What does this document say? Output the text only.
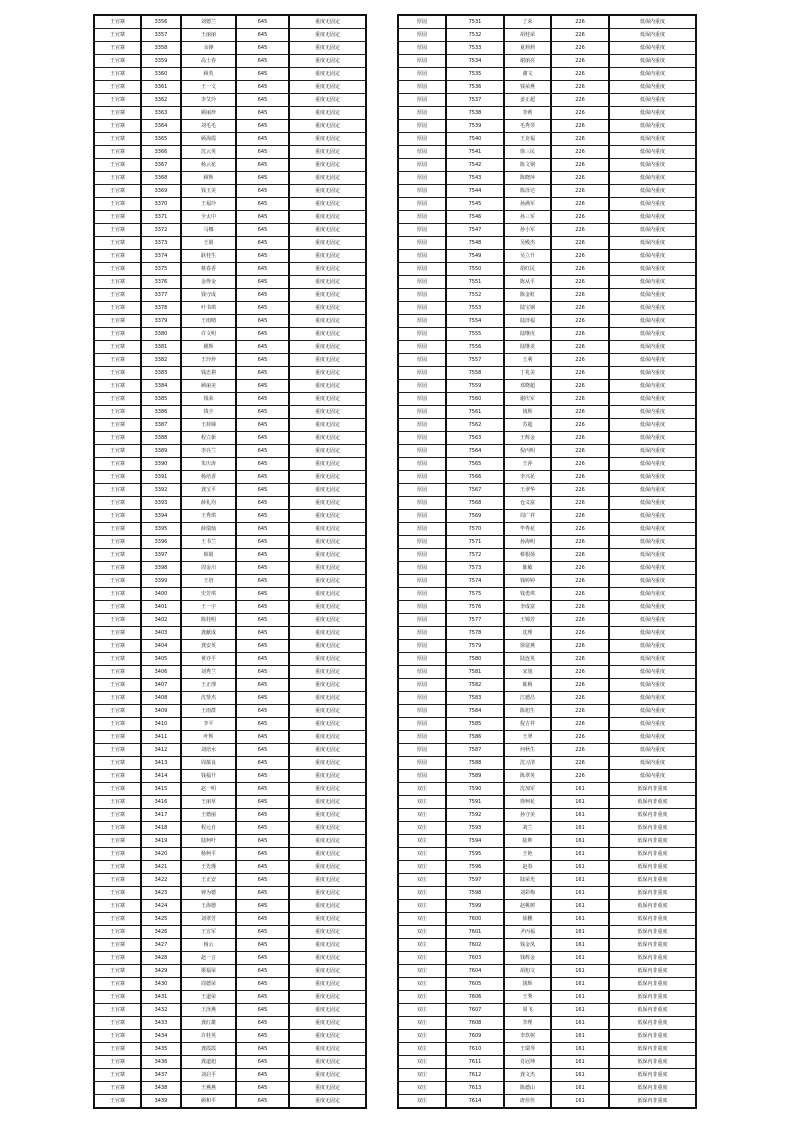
王官寨	3356	刘德兰	645	重度无固定
王官寨	3357	王丽丽	645	重度无固定
王官寨	3358	余锋	645	重度无固定
王官寨	3359	高士春	645	重度无固定
王官寨	3360	顾英	645	重度无固定
王官寨	3361	王一文	645	重度无固定
王官寨	3362	李艾玲	645	重度无固定
王官寨	3363	顾丽珍	645	重度无固定
王官寨	3364	刘毛毛	645	重度无固定
王官寨	3365	顾海霞	645	重度无固定
王官寨	3366	沈云英	645	重度无固定
王官寨	3367	杨云花	645	重度无固定
王官寨	3368	顾辉	645	重度无固定
王官寨	3369	钱玉美	645	重度无固定
王官寨	3370	王福玲	645	重度无固定
王官寨	3371	全太中	645	重度无固定
王官寨	3372	马娜	645	重度无固定
王官寨	3373	王娟	645	重度无固定
王官寨	3374	耿桂生	645	重度无固定
王官寨	3375	蔡春香	645	重度无固定
王官寨	3376	金得金	645	重度无固定
王官寨	3377	钱守成	645	重度无固定
王官寨	3378	叶书琪	645	重度无固定
王官寨	3379	王雨晴	645	重度无固定
王官寨	3380	许文明	645	重度无固定
王官寨	3381	姚辉	645	重度无固定
王官寨	3382	王玲珍	645	重度无固定
王官寨	3383	钱忠祺	645	重度无固定
王官寨	3384	顾丽美	645	重度无固定
王官寨	3385	钱荣	645	重度无固定
王官寨	3386	钱宇	645	重度无固定
王官寨	3387	王荷娣	645	重度无固定
王官寨	3388	程立新	645	重度无固定
王官寨	3389	李亮兰	645	重度无固定
王官寨	3390	朱庆涛	645	重度无固定
王官寨	3391	杨培香	645	重度无固定
王官寨	3392	龚宝平	645	重度无固定
王官寨	3393	薛礼均	645	重度无固定
王官寨	3394	王秀琪	645	重度无固定
王官寨	3395	薛瑞灿	645	重度无固定
王官寨	3396	王书兰	645	重度无固定
王官寨	3397	韩娟	645	重度无固定
王官寨	3398	周金川	645	重度无固定
王官寨	3399	王培	645	重度无固定
王官寨	3400	史芳琪	645	重度无固定
王官寨	3401	王一宇	645	重度无固定
王官寨	3402	陈桂明	645	重度无固定
王官寨	3403	龚献成	645	重度无固定
王官寨	3404	龚安英	645	重度无固定
王官寨	3405	黄亦平	645	重度无固定
王官寨	3406	刘秀兰	645	重度无固定
王官寨	3407	王正理	645	重度无固定
王官寨	3408	沈帮杰	645	重度无固定
王官寨	3409	王雨群	645	重度无固定
王官寨	3410	李平	645	重度无固定
王官寨	3411	叶辉	645	重度无固定
王官寨	3412	刘培水	645	重度无固定
王官寨	3413	周葆良	645	重度无固定
王官寨	3414	钱福升	645	重度无固定
王官寨	3415	赵一明	645	重度无固定
王官寨	3416	王丽草	645	重度无固定
王官寨	3417	王德丽	645	重度无固定
王官寨	3418	程元自	645	重度无固定
王官寨	3419	陆柯叶	645	重度无固定
王官寨	3420	杨柯平	645	重度无固定
王官寨	3421	王先瑾	645	重度无固定
王官寨	3422	王正安	645	重度无固定
王官寨	3423	钟为德	645	重度无固定
王官寨	3424	王海德	645	重度无固定
王官寨	3425	刘翠芳	645	重度无固定
王官寨	3426	王宣军	645	重度无固定
王官寨	3427	杨云	645	重度无固定
王官寨	3428	赵一言	645	重度无固定
王官寨	3429	栗福荣	645	重度无固定
王官寨	3430	周德荣	645	重度无固定
王官寨	3431	王道荣	645	重度无固定
王官寨	3432	王泽燕	645	重度无固定
王官寨	3433	龚红雄	645	重度无固定
王官寨	3434	许桂英	645	重度无固定
王官寨	3435	龚霞霞	645	重度无固定
王官寨	3436	龚道旭	645	重度无固定
王官寨	3437	刘启平	645	重度无固定
王官寨	3438	王燕燕	645	重度无固定
王官寨	3439	顾和平	645	重度无固定
厚园	7531	丁荣	226	低保内重度
厚园	7532	胡桂荣	226	低保内重度
厚园	7533	夏莉莉	226	低保内重度
厚园	7534	谢丽亮	226	低保内重度
厚园	7535	谢文	226	低保内重度
厚园	7536	钱荣燕	226	低保内重度
厚园	7537	姜正超	226	低保内重度
厚园	7538	李莉	226	低保内重度
厚园	7539	毛秀琴	226	低保内重度
厚园	7540	王克福	226	低保内重度
厚园	7541	徐三民	226	低保内重度
厚园	7542	陈文钢	226	低保内重度
厚园	7543	陈晓萍	226	低保内重度
厚园	7544	陈泽达	226	低保内重度
厚园	7545	孙满军	226	低保内重度
厚园	7546	孙三军	226	低保内重度
厚园	7547	孙小军	226	低保内重度
厚园	7548	吴殿杰	226	低保内重度
厚园	7549	吴立升	226	低保内重度
厚园	7550	胡红民	226	低保内重度
厚园	7551	陈从平	226	低保内重度
厚园	7552	陈金虹	226	低保内重度
厚园	7553	陆宝钢	226	低保内重度
厚园	7554	陆泽福	226	低保内重度
厚园	7555	陆继虎	226	低保内重度
厚园	7556	陆继龙	226	低保内重度
厚园	7557	王利	226	低保内重度
厚园	7558	丁兆美	226	低保内重度
厚园	7559	邓晓超	226	低保内重度
厚园	7560	谢庆军	226	低保内重度
厚园	7561	钱辉	226	低保内重度
厚园	7562	苏超	226	低保内重度
厚园	7563	王辉金	226	低保内重度
厚园	7564	倪丙明	226	低保内重度
厚园	7565	王萍	226	低保内重度
厚园	7566	李兴花	226	低保内重度
厚园	7567	王翠华	226	低保内重度
厚园	7568	仓义富	226	低保内重度
厚园	7569	周广祥	226	低保内重度
厚园	7570	毕秀花	226	低保内重度
厚园	7571	孙海明	226	低保内重度
厚园	7572	蔡根扬	226	低保内重度
厚园	7573	陈敏	226	低保内重度
厚园	7574	钱婷婷	226	低保内重度
厚园	7575	钱勇琪	226	低保内重度
厚园	7576	李成富	226	低保内重度
厚园	7577	王锦芳	226	低保内重度
厚园	7578	沈理	226	低保内重度
厚园	7579	徐富燕	226	低保内重度
厚园	7580	陆连英	226	低保内重度
厚园	7581	宋旭	226	低保内重度
厚园	7582	陈梅	226	低保内重度
厚园	7583	江德昌	226	低保内重度
厚园	7584	陈旭生	226	低保内重度
厚园	7585	倪吉祥	226	低保内重度
厚园	7586	王翠	226	低保内重度
厚园	7587	何秋生	226	低保内重度
厚园	7588	沈习清	226	低保内重度
厚园	7589	陈翠英	226	低保内重度
双庄	7590	沈加军	161	低保内非重度
双庄	7591	徐柯花	161	低保内非重度
双庄	7592	孙守美	161	低保内非重度
双庄	7593	刘兰	161	低保内非重度
双庄	7594	陆帅	161	低保内非重度
双庄	7595	王艳	161	低保内非重度
双庄	7596	赵春	161	低保内非重度
双庄	7597	陆荣光	161	低保内非重度
双庄	7598	刘彩梅	161	低保内非重度
双庄	7599	赵桃树	161	低保内非重度
双庄	7600	徐鹏	161	低保内非重度
双庄	7601	尹丙福	161	低保内非重度
双庄	7602	钱金凤	161	低保内非重度
双庄	7603	钱辉金	161	低保内非重度
双庄	7604	胡旭文	161	低保内非重度
双庄	7605	钱辉	161	低保内非重度
双庄	7606	王秀	161	低保内非重度
双庄	7607	周飞	161	低保内非重度
双庄	7608	李理	161	低保内非重度
双庄	7609	李玖树	161	低保内非重度
双庄	7610	王瑞琴	161	低保内非重度
双庄	7611	肖冠坤	161	低保内非重度
双庄	7612	龚文杰	161	低保内非重度
双庄	7613	陈德山	161	低保内非重度
双庄	7614	唐佳佳	161	低保内非重度
